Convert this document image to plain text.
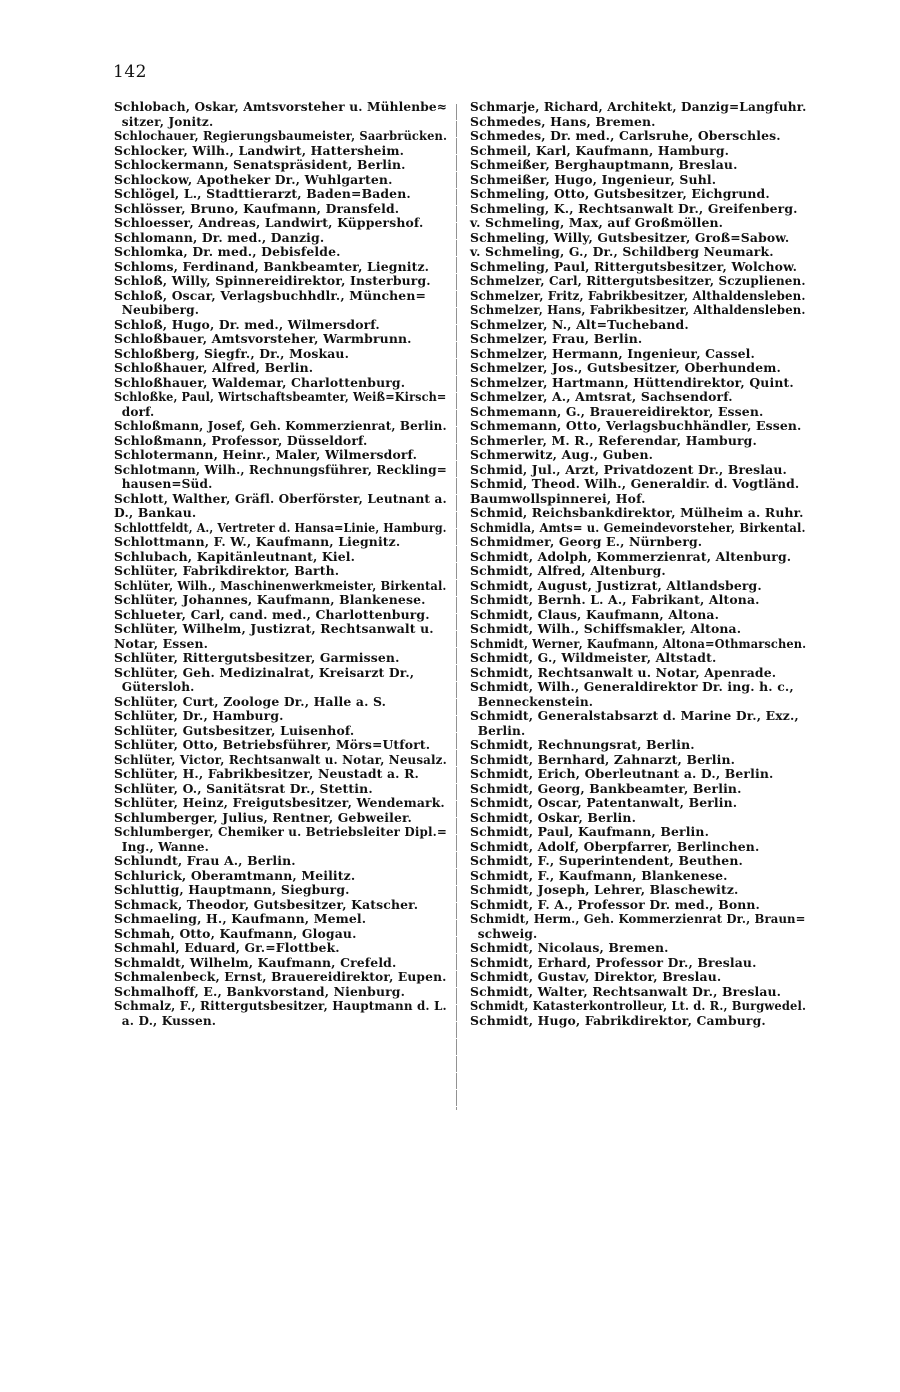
142
Schlobach, Oskar, Amtsvorsteher u. Mühlenbe≈
sitzer, Jonitz.
Schlochauer, Regierungsbaumeister, Saarbrücken.
Schlocker, Wilh., Landwirt, Hattersheim.
Schlockermann, Senatspräsident, Berlin.
Schlockow, Apotheker Dr., Wuhlgarten.
Schlögel, L., Stadttierarzt, Baden=Baden.
Schlösser, Bruno, Kaufmann, Dransfeld.
Schloesser, Andreas, Landwirt, Küppershof.
Schlomann, Dr. med., Danzig.
Schlomka, Dr. med., Debisfelde.
Schloms, Ferdinand, Bankbeamter, Liegnitz.
Schloß, Willy, Spinnereidirektor, Insterburg.
Schloß, Oscar, Verlagsbuchhdlr., München=
Neubiberg.
Schloß, Hugo, Dr. med., Wilmersdorf.
Schloßbauer, Amtsvorsteher, Warmbrunn.
Schloßberg, Siegfr., Dr., Moskau.
Schloßhauer, Alfred, Berlin.
Schloßhauer, Waldemar, Charlottenburg.
Schloßke, Paul, Wirtschaftsbeamter, Weiß=Kirsch=
dorf.
Schloßmann, Josef, Geh. Kommerzienrat, Berlin.
Schloßmann, Professor, Düsseldorf.
Schlotermann, Heinr., Maler, Wilmersdorf.
Schlotmann, Wilh., Rechnungsführer, Reckling=
hausen=Süd.
Schlott, Walther, Gräfl. Oberförster, Leutnant a.
D., Bankau.
Schlottfeldt, A., Vertreter d. Hansa=Linie, Hamburg.
Schlottmann, F. W., Kaufmann, Liegnitz.
Schlubach, Kapitänleutnant, Kiel.
Schlüter, Fabrikdirektor, Barth.
Schlüter, Wilh., Maschinenwerkmeister, Birkental.
Schlüter, Johannes, Kaufmann, Blankenese.
Schlueter, Carl, cand. med., Charlottenburg.
Schlüter, Wilhelm, Justizrat, Rechtsanwalt u.
Notar, Essen.
Schlüter, Rittergutsbesitzer, Garmissen.
Schlüter, Geh. Medizinalrat, Kreisarzt Dr.,
Gütersloh.
Schlüter, Curt, Zoologe Dr., Halle a. S.
Schlüter, Dr., Hamburg.
Schlüter, Gutsbesitzer, Luisenhof.
Schlüter, Otto, Betriebsführer, Mörs=Utfort.
Schlüter, Victor, Rechtsanwalt u. Notar, Neusalz.
Schlüter, H., Fabrikbesitzer, Neustadt a. R.
Schlüter, O., Sanitätsrat Dr., Stettin.
Schlüter, Heinz, Freigutsbesitzer, Wendemark.
Schlumberger, Julius, Rentner, Gebweiler.
Schlumberger, Chemiker u. Betriebsleiter Dipl.=
Ing., Wanne.
Schlundt, Frau A., Berlin.
Schlurick, Oberamtmann, Meilitz.
Schluttig, Hauptmann, Siegburg.
Schmack, Theodor, Gutsbesitzer, Katscher.
Schmaeling, H., Kaufmann, Memel.
Schmah, Otto, Kaufmann, Glogau.
Schmahl, Eduard, Gr.=Flottbek.
Schmaldt, Wilhelm, Kaufmann, Crefeld.
Schmalenbeck, Ernst, Brauereidirektor, Eupen.
Schmalhoff, E., Bankvorstand, Nienburg.
Schmalz, F., Rittergutsbesitzer, Hauptmann d. L.
a. D., Kussen.
Schmarje, Richard, Architekt, Danzig=Langfuhr.
Schmedes, Hans, Bremen.
Schmedes, Dr. med., Carlsruhe, Oberschles.
Schmeil, Karl, Kaufmann, Hamburg.
Schmeißer, Berghauptmann, Breslau.
Schmeißer, Hugo, Ingenieur, Suhl.
Schmeling, Otto, Gutsbesitzer, Eichgrund.
Schmeling, K., Rechtsanwalt Dr., Greifenberg.
v. Schmeling, Max, auf Großmöllen.
Schmeling, Willy, Gutsbesitzer, Groß=Sabow.
v. Schmeling, G., Dr., Schildberg Neumark.
Schmeling, Paul, Rittergutsbesitzer, Wolchow.
Schmelzer, Carl, Rittergutsbesitzer, Sczuplienen.
Schmelzer, Fritz, Fabrikbesitzer, Althaldensleben.
Schmelzer, Hans, Fabrikbesitzer, Althaldensleben.
Schmelzer, N., Alt=Tucheband.
Schmelzer, Frau, Berlin.
Schmelzer, Hermann, Ingenieur, Cassel.
Schmelzer, Jos., Gutsbesitzer, Oberhundem.
Schmelzer, Hartmann, Hüttendirektor, Quint.
Schmelzer, A., Amtsrat, Sachsendorf.
Schmemann, G., Brauereidirektor, Essen.
Schmemann, Otto, Verlagsbuchhändler, Essen.
Schmerler, M. R., Referendar, Hamburg.
Schmerwitz, Aug., Guben.
Schmid, Jul., Arzt, Privatdozent Dr., Breslau.
Schmid, Theod. Wilh., Generaldir. d. Vogtländ.
Baumwollspinnerei, Hof.
Schmid, Reichsbankdirektor, Mülheim a. Ruhr.
Schmidla, Amts= u. Gemeindevorsteher, Birkental.
Schmidmer, Georg E., Nürnberg.
Schmidt, Adolph, Kommerzienrat, Altenburg.
Schmidt, Alfred, Altenburg.
Schmidt, August, Justizrat, Altlandsberg.
Schmidt, Bernh. L. A., Fabrikant, Altona.
Schmidt, Claus, Kaufmann, Altona.
Schmidt, Wilh., Schiffsmakler, Altona.
Schmidt, Werner, Kaufmann, Altona=Othmarschen.
Schmidt, G., Wildmeister, Altstadt.
Schmidt, Rechtsanwalt u. Notar, Apenrade.
Schmidt, Wilh., Generaldirektor Dr. ing. h. c.,
Benneckenstein.
Schmidt, Generalstabsarzt d. Marine Dr., Exz.,
Berlin.
Schmidt, Rechnungsrat, Berlin.
Schmidt, Bernhard, Zahnarzt, Berlin.
Schmidt, Erich, Oberleutnant a. D., Berlin.
Schmidt, Georg, Bankbeamter, Berlin.
Schmidt, Oscar, Patentanwalt, Berlin.
Schmidt, Oskar, Berlin.
Schmidt, Paul, Kaufmann, Berlin.
Schmidt, Adolf, Oberpfarrer, Berlinchen.
Schmidt, F., Superintendent, Beuthen.
Schmidt, F., Kaufmann, Blankenese.
Schmidt, Joseph, Lehrer, Blaschewitz.
Schmidt, F. A., Professor Dr. med., Bonn.
Schmidt, Herm., Geh. Kommerzienrat Dr., Braun=
schweig.
Schmidt, Nicolaus, Bremen.
Schmidt, Erhard, Professor Dr., Breslau.
Schmidt, Gustav, Direktor, Breslau.
Schmidt, Walter, Rechtsanwalt Dr., Breslau.
Schmidt, Katasterkontrolleur, Lt. d. R., Burgwedel.
Schmidt, Hugo, Fabrikdirektor, Camburg.
